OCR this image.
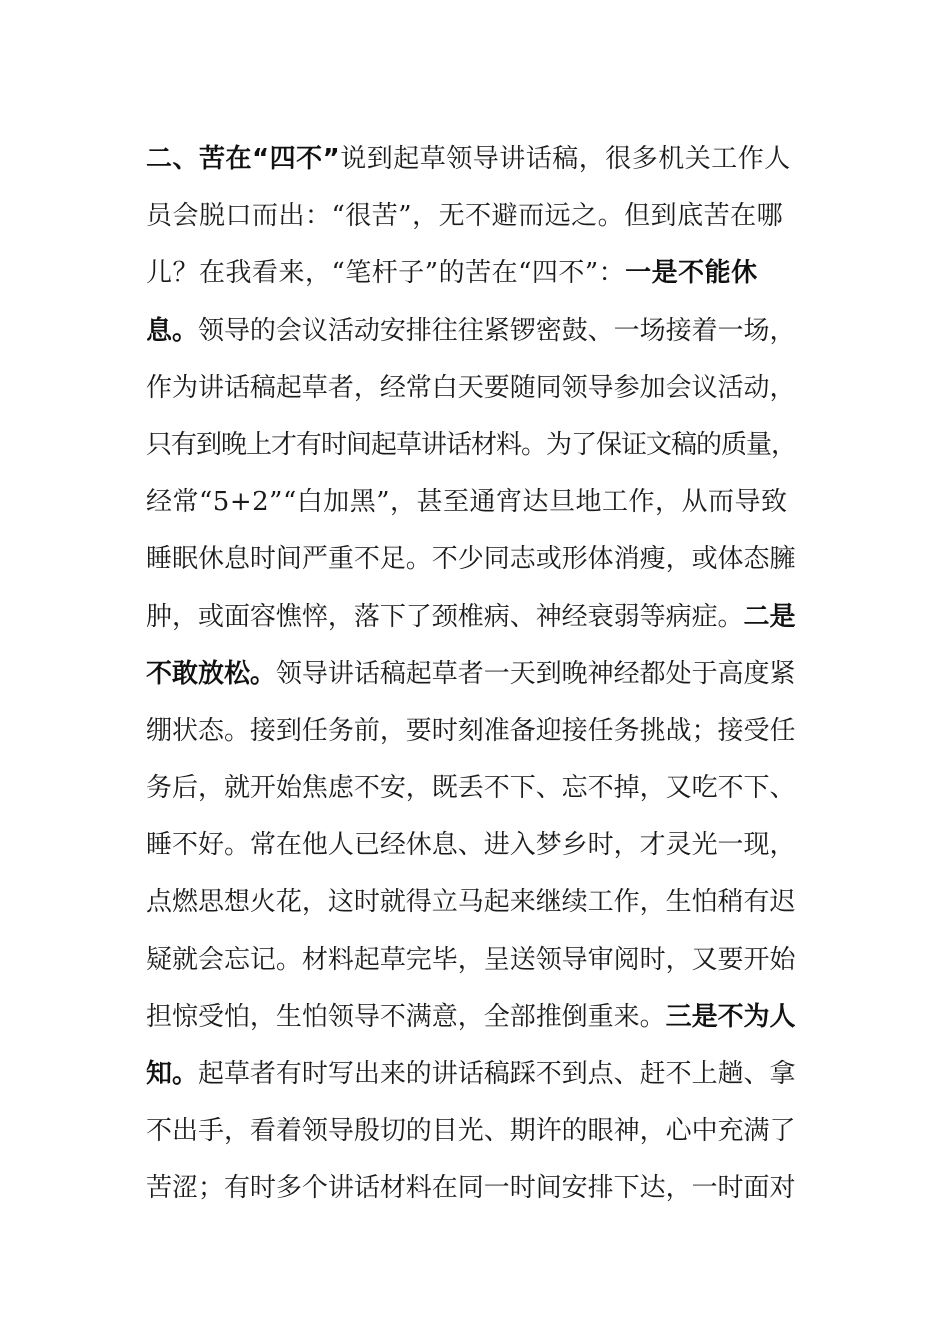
二、苦在“四不”说到起草领导讲话稿，很多机关工作人
员会脱口而出：“很苦”，无不避而远之。但到底苦在哪
儿？在我看来，“笔杆子”的苦在“四不”：一是不能休
息。领导的会议活动安排往往紧锣密鼓、一场接着一场，
作为讲话稿起草者，经常白天要随同领导参加会议活动，
只有到晚上才有时间起草讲话材料。为了保证文稿的质量，
经常“5+2”“白加黑”，甚至通宵达旦地工作，从而导致
睡眠休息时间严重不足。不少同志或形体消瘦，或体态臃
肿，或面容憔悴，落下了颈椎病、神经衰弱等病症。二是
不敢放松。领导讲话稿起草者一天到晚神经都处于高度紧
绷状态。接到任务前，要时刻准备迎接任务挑战；接受任
务后，就开始焦虑不安，既丢不下、忘不掉，又吃不下、
睡不好。常在他人已经休息、进入梦乡时，才灵光一现，
点燃思想火花，这时就得立马起来继续工作，生怕稍有迟
疑就会忘记。材料起草完毕，呈送领导审阅时，又要开始
担惊受怕，生怕领导不满意，全部推倒重来。三是不为人
知。起草者有时写出来的讲话稿踩不到点、赶不上趟、拿
不出手，看着领导殷切的目光、期许的眼神，心中充满了
苦涩；有时多个讲话材料在同一时间安排下达，一时面对
